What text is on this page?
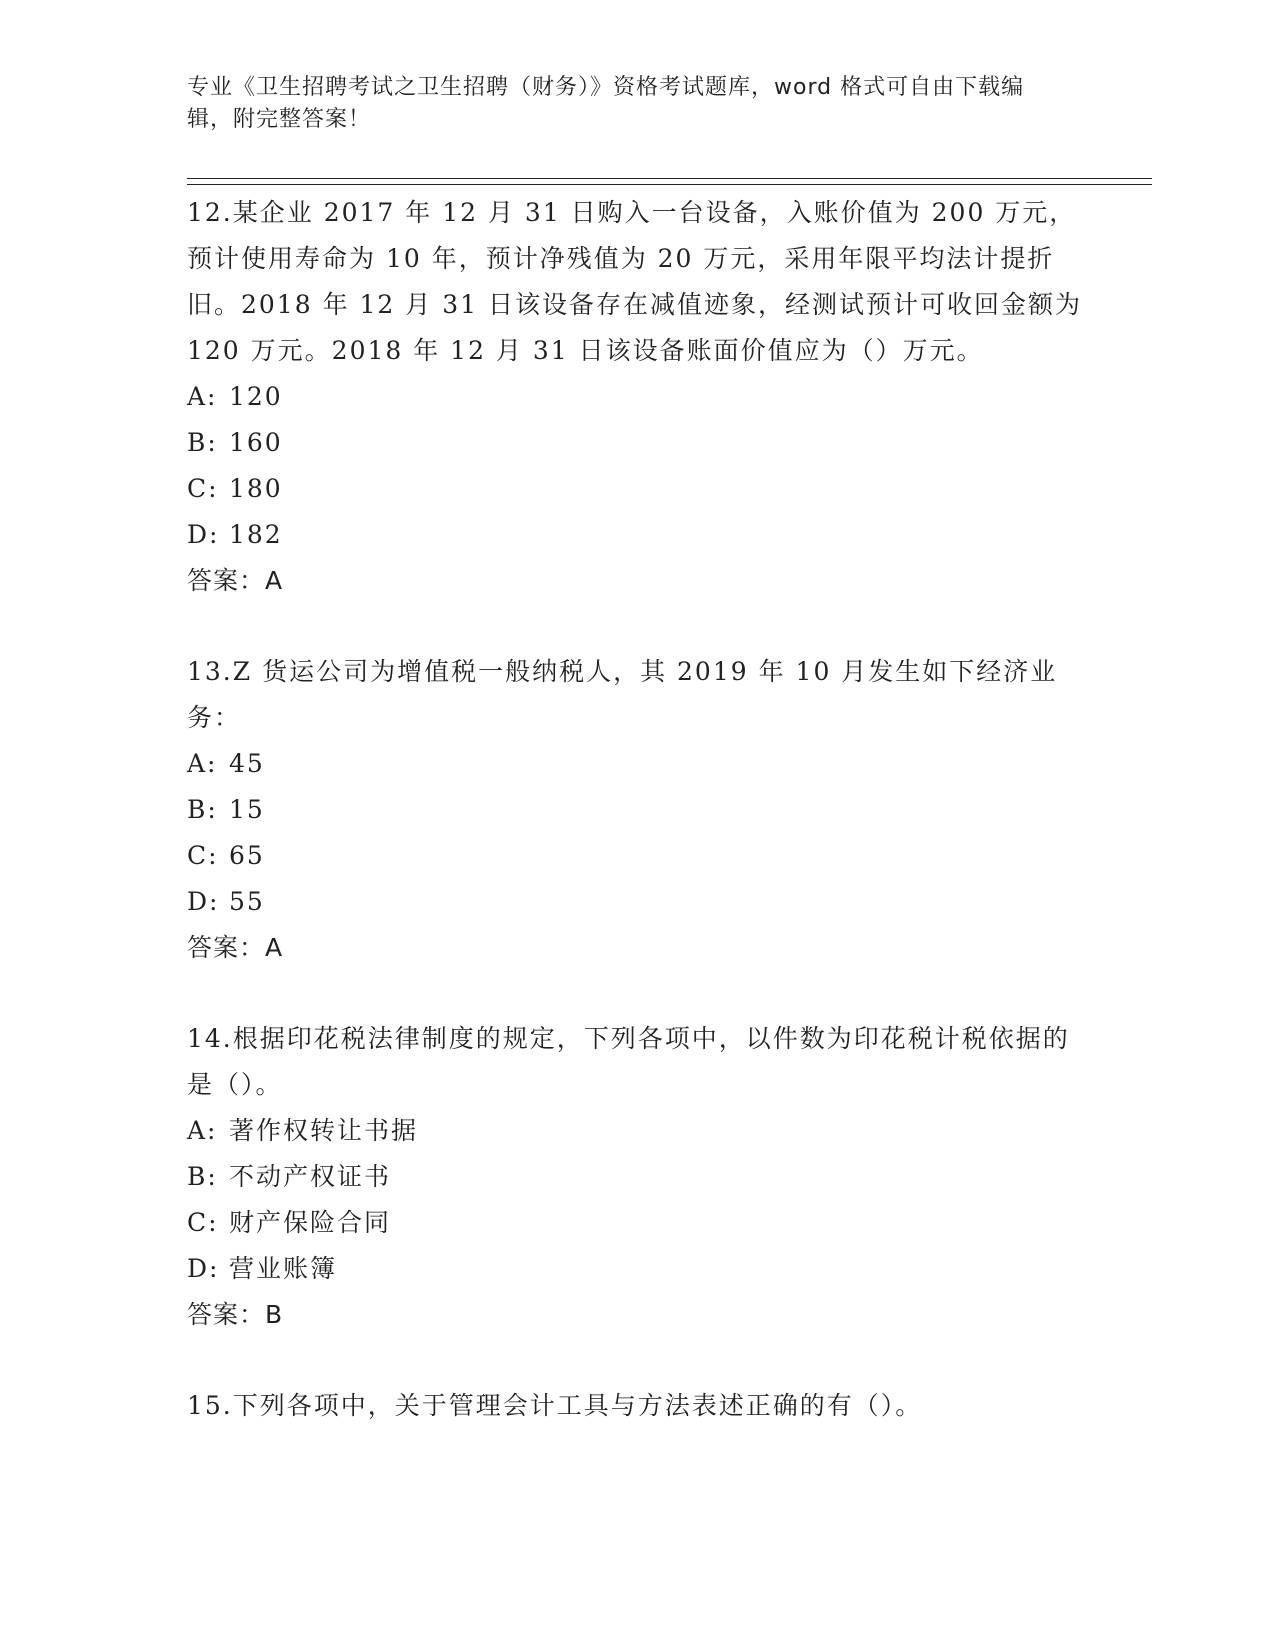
专业《卫生招聘考试之卫生招聘（财务）》资格考试题库，word 格式可自由下载编辑，附完整答案！
12.某企业 2017 年 12 月 31 日购入一台设备，入账价值为 200 万元，预计使用寿命为 10 年，预计净残值为 20 万元，采用年限平均法计提折旧。2018 年 12 月 31 日该设备存在减值迹象，经测试预计可收回金额为 120 万元。2018 年 12 月 31 日该设备账面价值应为（）万元。
A: 120
B: 160
C: 180
D: 182
答案：A
13.Z 货运公司为增值税一般纳税人，其 2019 年 10 月发生如下经济业务：
A: 45
B: 15
C: 65
D: 55
答案：A
14.根据印花税法律制度的规定，下列各项中，以件数为印花税计税依据的是（）。
A: 著作权转让书据
B: 不动产权证书
C: 财产保险合同
D: 营业账簿
答案：B
15.下列各项中，关于管理会计工具与方法表述正确的有（）。
